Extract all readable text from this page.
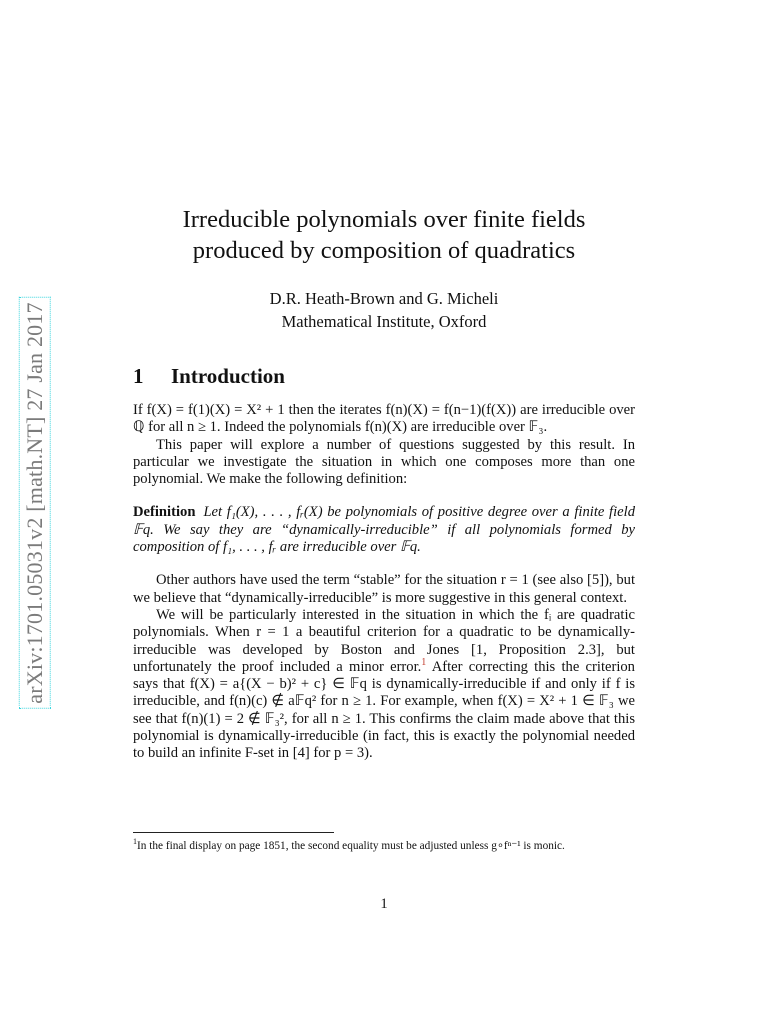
arXiv:1701.05031v2 [math.NT] 27 Jan 2017
Irreducible polynomials over finite fields
produced by composition of quadratics
D.R. Heath-Brown and G. Micheli
Mathematical Institute, Oxford
1 Introduction

If f(X) = f(1)(X) = X² + 1 then the iterates f(n)(X) = f(n−1)(f(X)) are irreducible over ℚ for all n ≥ 1. Indeed the polynomials f(n)(X) are irreducible over 𝔽₃.

This paper will explore a number of questions suggested by this result. In particular we investigate the situation in which one composes more than one polynomial. We make the following definition:

Definition Let f₁(X), . . . , fᵣ(X) be polynomials of positive degree over a finite field 𝔽q. We say they are “dynamically-irreducible” if all polynomials formed by composition of f₁, . . . , fᵣ are irreducible over 𝔽q.

Other authors have used the term “stable” for the situation r = 1 (see also [5]), but we believe that “dynamically-irreducible” is more suggestive in this general context.

We will be particularly interested in the situation in which the fᵢ are quadratic polynomials. When r = 1 a beautiful criterion for a quadratic to be dynamically-irreducible was developed by Boston and Jones [1, Proposition 2.3], but unfortunately the proof included a minor error.$^1$ After correcting this the criterion says that f(X) = a{(X − b)² + c} ∈ 𝔽q is dynamically-irreducible if and only if f is irreducible, and f(n)(c) ∉ a𝔽q² for n ≥ 1. For example, when f(X) = X² + 1 ∈ 𝔽₃ we see that f(n)(1) = 2 ∉ 𝔽₃², for all n ≥ 1. This confirms the claim made above that this polynomial is dynamically-irreducible (in fact, this is exactly the polynomial needed to build an infinite F-set in [4] for p = 3).

$^1$In the final display on page 1851, the second equality must be adjusted unless g∘fⁿ⁻¹ is monic.
1
